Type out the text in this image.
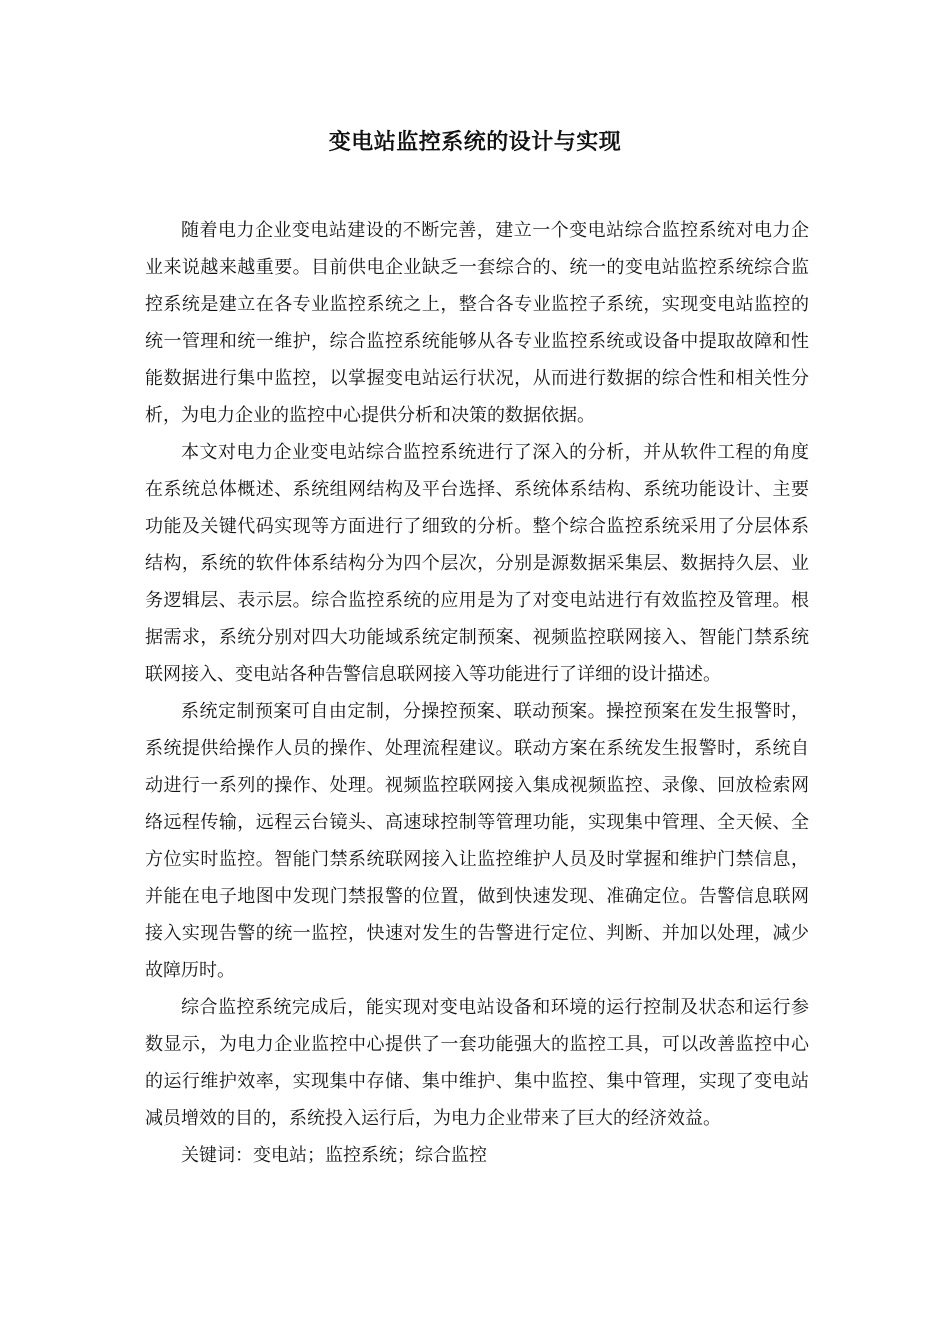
变电站监控系统的设计与实现

随着电力企业变电站建设的不断完善，建立一个变电站综合监控系统对电力企业来说越来越重要。目前供电企业缺乏一套综合的、统一的变电站监控系统综合监控系统是建立在各专业监控系统之上，整合各专业监控子系统，实现变电站监控的统一管理和统一维护，综合监控系统能够从各专业监控系统或设备中提取故障和性能数据进行集中监控，以掌握变电站运行状况，从而进行数据的综合性和相关性分析，为电力企业的监控中心提供分析和决策的数据依据。

本文对电力企业变电站综合监控系统进行了深入的分析，并从软件工程的角度在系统总体概述、系统组网结构及平台选择、系统体系结构、系统功能设计、主要功能及关键代码实现等方面进行了细致的分析。整个综合监控系统采用了分层体系结构，系统的软件体系结构分为四个层次，分别是源数据采集层、数据持久层、业务逻辑层、表示层。综合监控系统的应用是为了对变电站进行有效监控及管理。根据需求，系统分别对四大功能域系统定制预案、视频监控联网接入、智能门禁系统联网接入、变电站各种告警信息联网接入等功能进行了详细的设计描述。

系统定制预案可自由定制，分操控预案、联动预案。操控预案在发生报警时，系统提供给操作人员的操作、处理流程建议。联动方案在系统发生报警时，系统自动进行一系列的操作、处理。视频监控联网接入集成视频监控、录像、回放检索网络远程传输，远程云台镜头、高速球控制等管理功能，实现集中管理、全天候、全方位实时监控。智能门禁系统联网接入让监控维护人员及时掌握和维护门禁信息，并能在电子地图中发现门禁报警的位置，做到快速发现、准确定位。告警信息联网接入实现告警的统一监控，快速对发生的告警进行定位、判断、并加以处理，减少故障历时。

综合监控系统完成后，能实现对变电站设备和环境的运行控制及状态和运行参数显示，为电力企业监控中心提供了一套功能强大的监控工具，可以改善监控中心的运行维护效率，实现集中存储、集中维护、集中监控、集中管理，实现了变电站减员增效的目的，系统投入运行后，为电力企业带来了巨大的经济效益。

关键词：变电站；监控系统；综合监控
